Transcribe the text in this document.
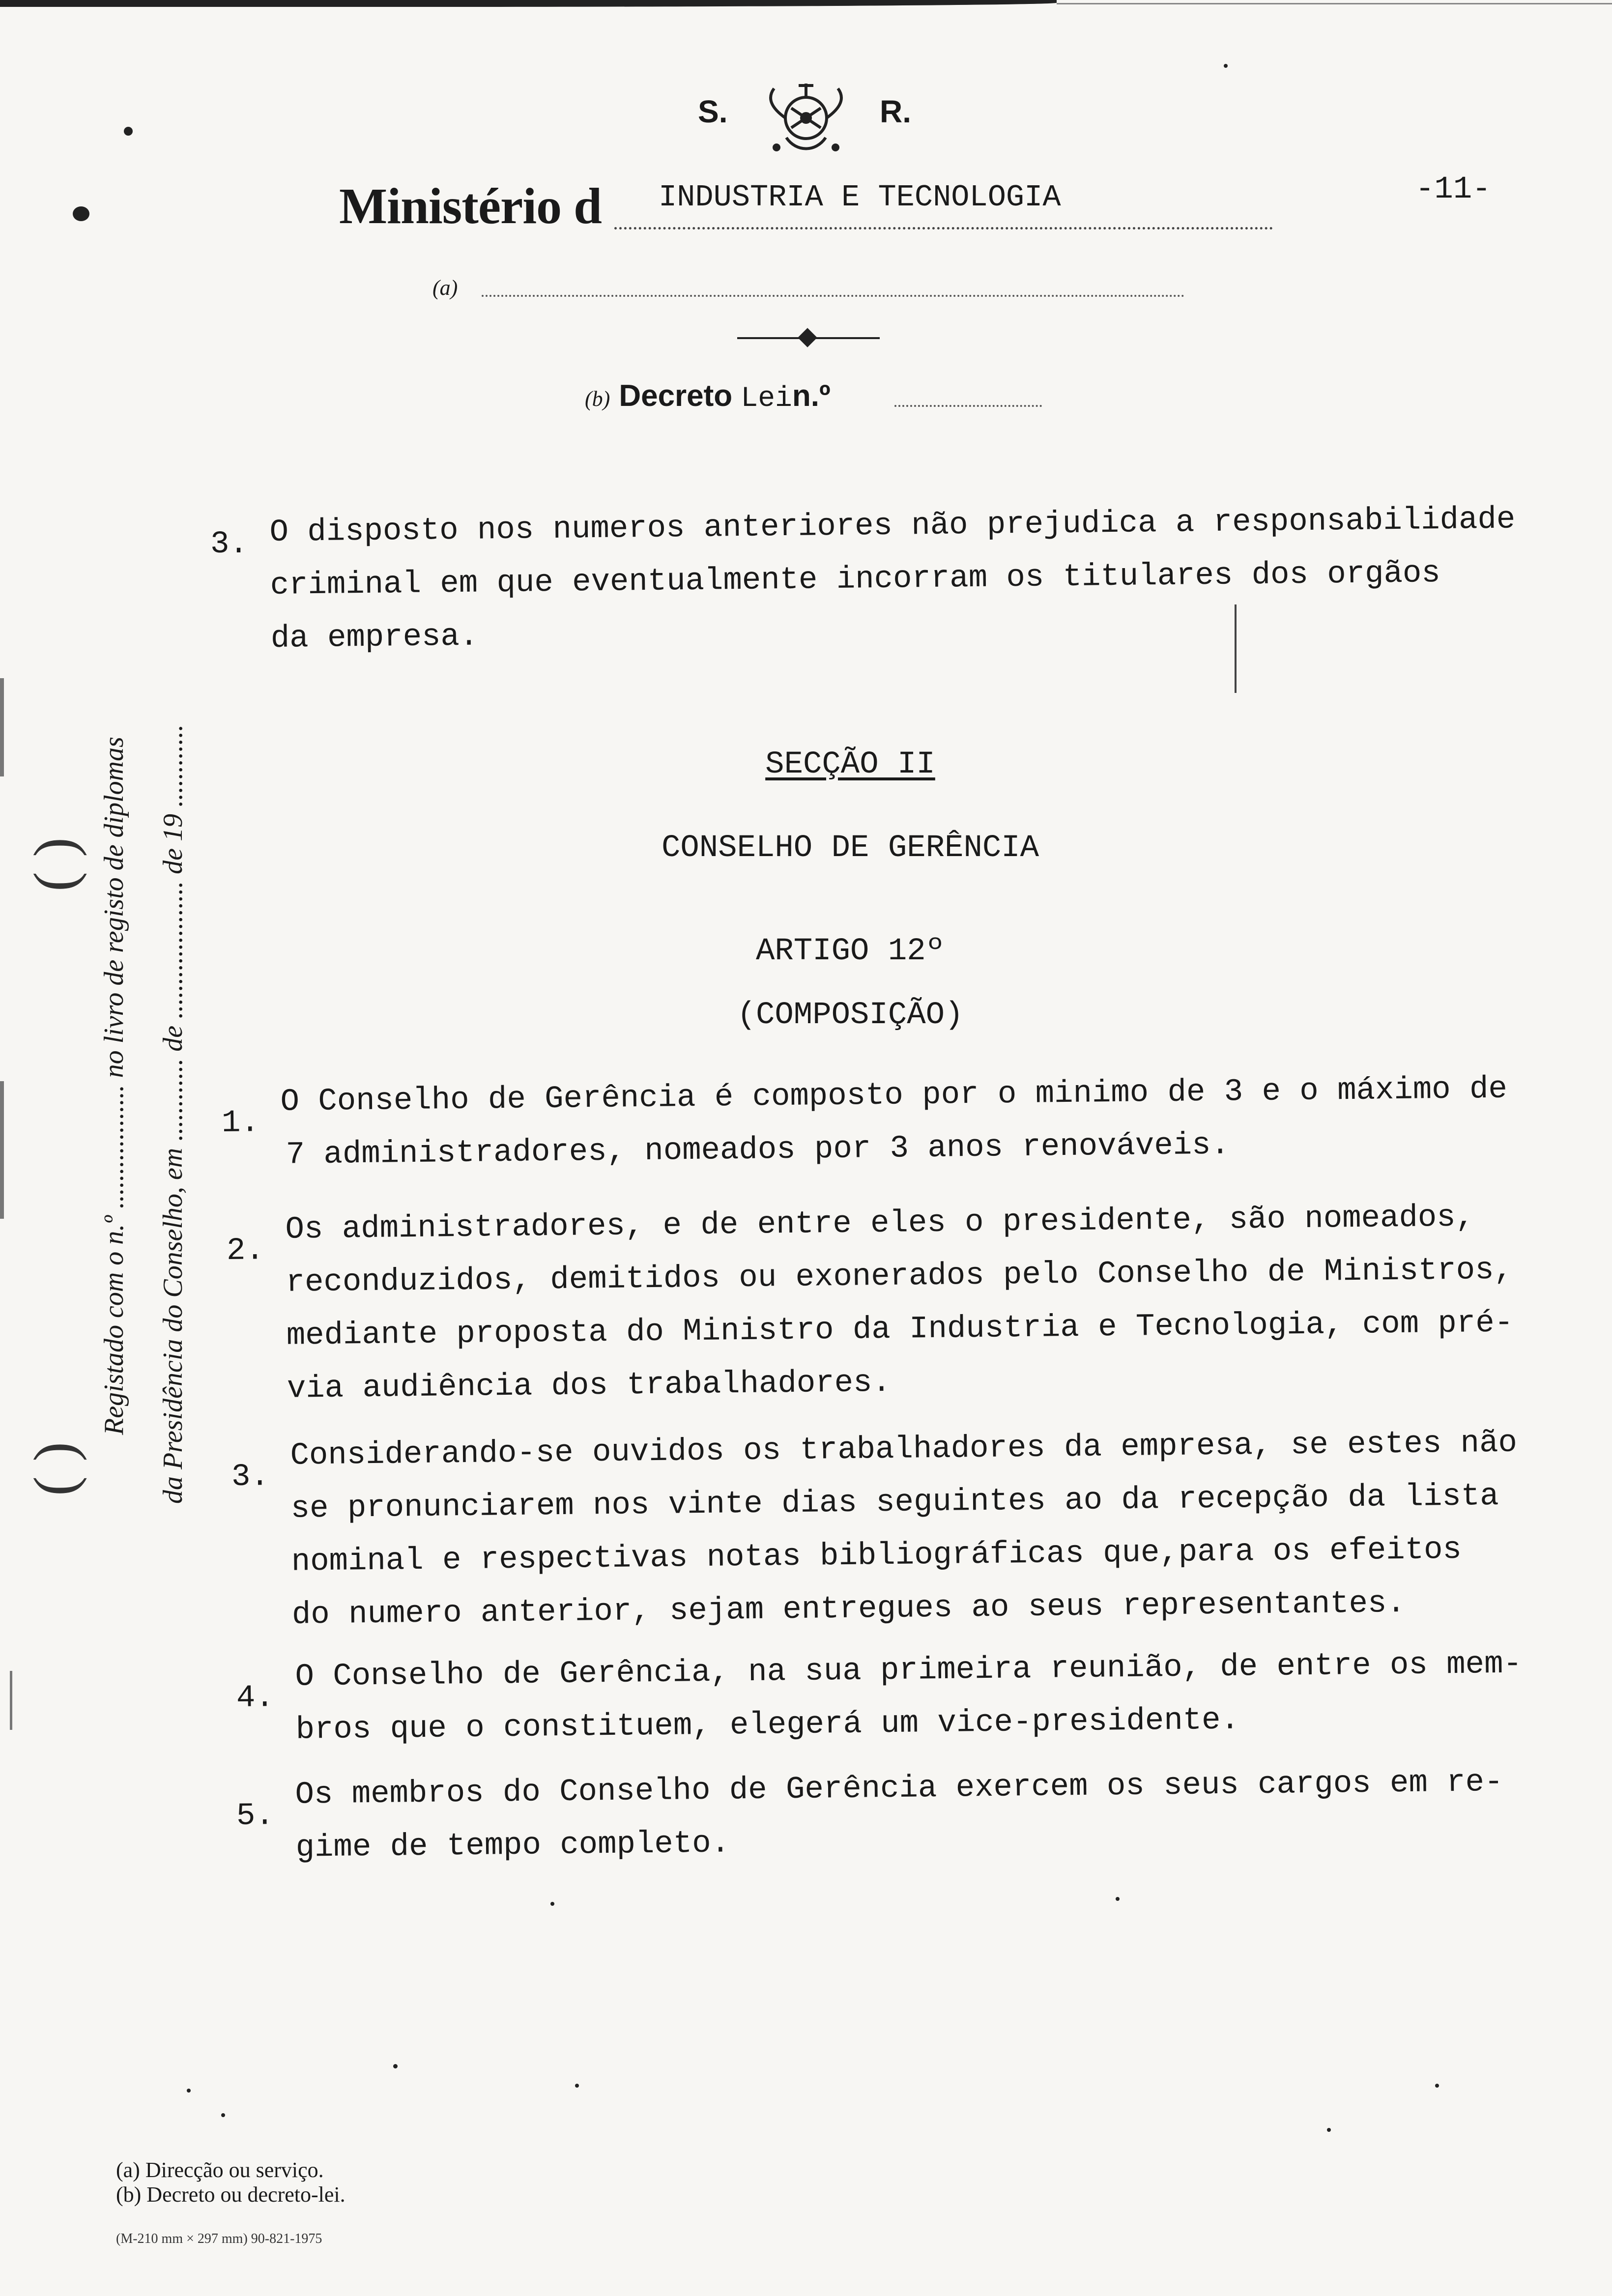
S.	R.
Ministério d INDUSTRIA E TECNOLOGIA	-11-
(a)
(b) Decreto Lein.º
3. O disposto nos numeros anteriores não prejudica a responsabilidade
criminal em que eventualmente incorram os titulares dos orgãos
da empresa.
SECÇÃO II
CONSELHO DE GERÊNCIA
ARTIGO 12º
(COMPOSIÇÃO)
1.
O Conselho de Gerência é composto por o minimo de 3 e o máximo de
7 administradores, nomeados por 3 anos renováveis.
2.
Os administradores, e de entre eles o presidente, são nomeados,
reconduzidos, demitidos ou exonerados pelo Conselho de Ministros,
mediante proposta do Ministro da Industria e Tecnologia, com pré-
via audiência dos trabalhadores.
3.
Considerando-se ouvidos os trabalhadores da empresa, se estes não
se pronunciarem nos vinte dias seguintes ao da recepção da lista
nominal e respectivas notas bibliográficas que,para os efeitos
do numero anterior, sejam entregues ao seus representantes.
4.
O Conselho de Gerência, na sua primeira reunião, de entre os mem-
bros que o constituem, elegerá um vice-presidente.
5.
Os membros do Conselho de Gerência exercem os seus cargos em re-
gime de tempo completo.
Registado com o n.º .................. no livro de registo de diplomas da Presidência do Conselho, em ............ de .................... de 19 ............
( )
( )
(a) Direcção ou serviço.
(b) Decreto ou decreto-lei.
(M-210 mm × 297 mm) 90-821-1975
